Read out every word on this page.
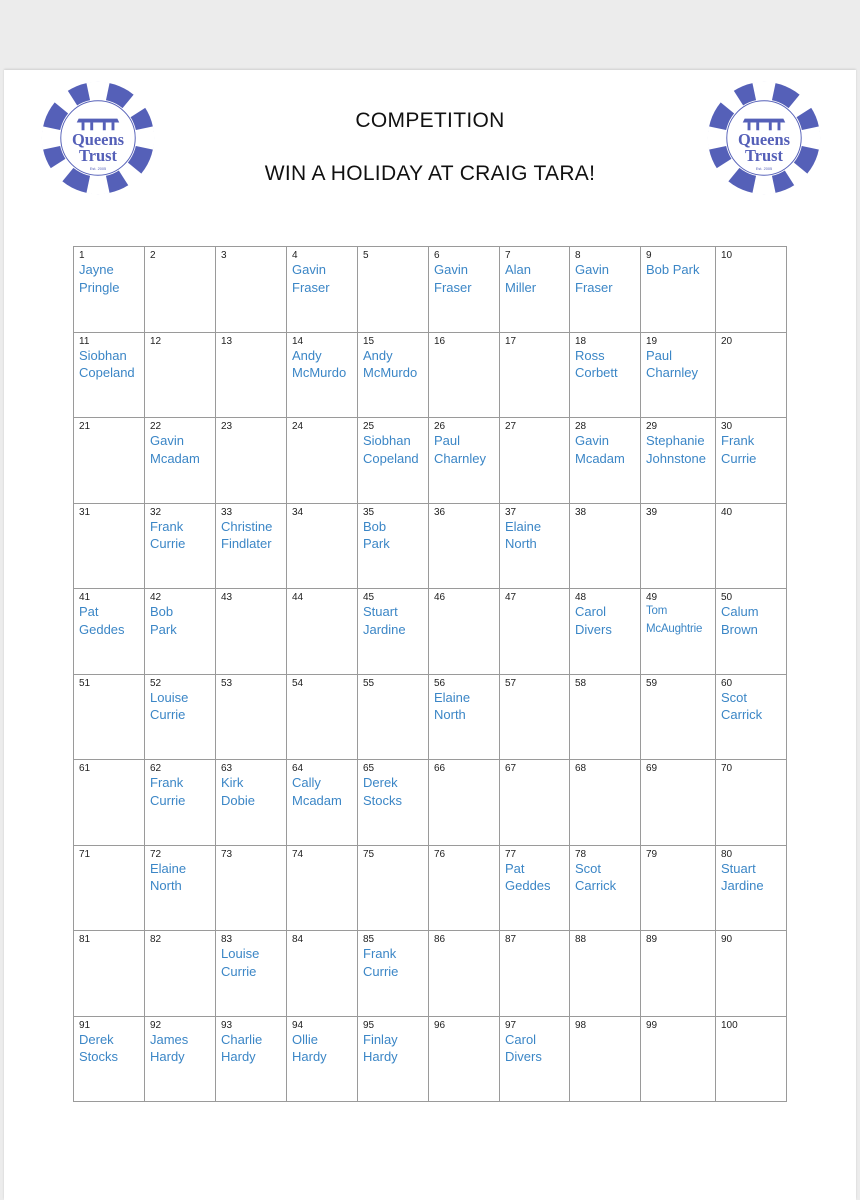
Queens
Trust
Est. 2005
Queens
Trust
Est. 2005
COMPETITION
WIN A HOLIDAY AT CRAIG TARA!
1
Jayne
Pringle	2	3	4
Gavin
Fraser	5	6
Gavin
Fraser	7
Alan
Miller	8
Gavin
Fraser	9
Bob Park	10

11
Siobhan
Copeland	12	13	14
Andy
McMurdo	15
Andy
McMurdo	16	17	18
Ross
Corbett	19
Paul
Charnley	20

21	22
Gavin
Mcadam	23	24	25
Siobhan
Copeland	26
Paul
Charnley	27	28
Gavin
Mcadam	29
Stephanie
Johnstone	30
Frank
Currie

31	32
Frank
Currie	33
Christine
Findlater	34	35
Bob
Park	36	37
Elaine
North	38	39	40

41
Pat
Geddes	42
Bob
Park	43	44	45
Stuart
Jardine	46	47	48
Carol
Divers	49
Tom
McAughtrie	50
Calum
Brown

51	52
Louise
Currie	53	54	55	56
Elaine
North	57	58	59	60
Scot
Carrick

61	62
Frank
Currie	63
Kirk
Dobie	64
Cally
Mcadam	65
Derek
Stocks	66	67	68	69	70

71	72
Elaine
North	73	74	75	76	77
Pat
Geddes	78
Scot
Carrick	79	80
Stuart
Jardine

81	82	83
Louise
Currie	84	85
Frank
Currie	86	87	88	89	90

91
Derek
Stocks	92
James
Hardy	93
Charlie
Hardy	94
Ollie
Hardy	95
Finlay
Hardy	96	97
Carol
Divers	98	99	100
